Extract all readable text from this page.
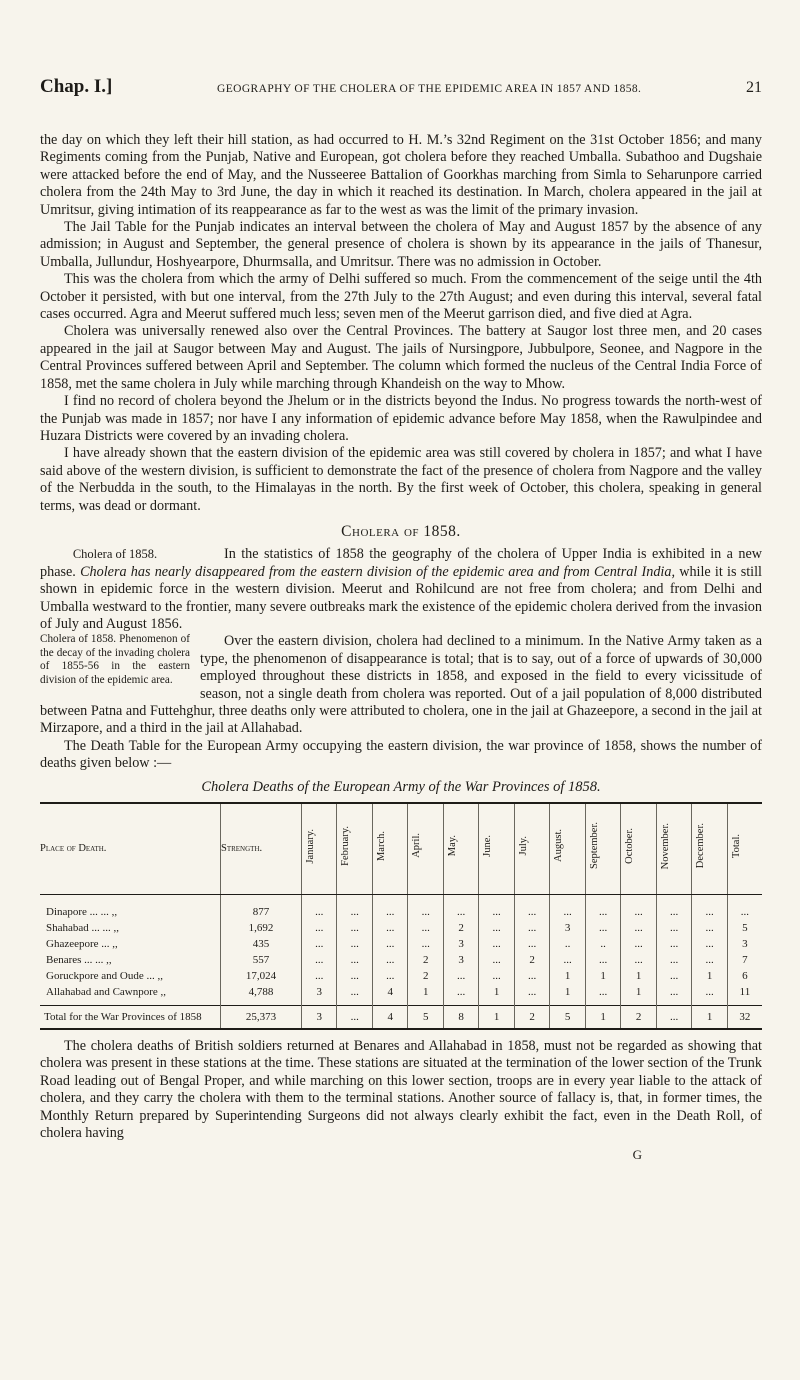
Chap. I.]	GEOGRAPHY OF THE CHOLERA OF THE EPIDEMIC AREA IN 1857 AND 1858.	21

the day on which they left their hill station, as had occurred to H. M.’s 32nd Regiment on the 31st October 1856; and many Regiments coming from the Punjab, Native and European, got cholera before they reached Umballa. Subathoo and Dugshaie were attacked before the end of May, and the Nusseeree Battalion of Goorkhas marching from Simla to Seharunpore carried cholera from the 24th May to 3rd June, the day in which it reached its destination. In March, cholera appeared in the jail at Umritsur, giving intimation of its reappearance as far to the west as was the limit of the primary invasion.

The Jail Table for the Punjab indicates an interval between the cholera of May and August 1857 by the absence of any admission; in August and September, the general presence of cholera is shown by its appearance in the jails of Thanesur, Umballa, Jullundur, Hoshyearpore, Dhurmsalla, and Umritsur. There was no admission in October.

This was the cholera from which the army of Delhi suffered so much. From the commencement of the seige until the 4th October it persisted, with but one interval, from the 27th July to the 27th August; and even during this interval, several fatal cases occurred. Agra and Meerut suffered much less; seven men of the Meerut garrison died, and five died at Agra.

Cholera was universally renewed also over the Central Provinces. The battery at Saugor lost three men, and 20 cases appeared in the jail at Saugor between May and August. The jails of Nursingpore, Jubbulpore, Seonee, and Nagpore in the Central Provinces suffered between April and September. The column which formed the nucleus of the Central India Force of 1858, met the same cholera in July while marching through Khandeish on the way to Mhow.

I find no record of cholera beyond the Jhelum or in the districts beyond the Indus. No progress towards the north-west of the Punjab was made in 1857; nor have I any information of epidemic advance before May 1858, when the Rawulpindee and Huzara Districts were covered by an invading cholera.

I have already shown that the eastern division of the epidemic area was still covered by cholera in 1857; and what I have said above of the western division, is sufficient to demonstrate the fact of the presence of cholera from Nagpore and the valley of the Nerbudda in the south, to the Himalayas in the north. By the first week of October, this cholera, speaking in general terms, was dead or dormant.

Cholera of 1858.

Cholera of 1858.	In the statistics of 1858 the geography of the cholera of Upper India is exhibited in a new phase. Cholera has nearly disappeared from the eastern division of the epidemic area and from Central India, while it is still shown in epidemic force in the western division. Meerut and Rohilcund are not free from cholera; and from Delhi and Umballa westward to the frontier, many severe outbreaks mark the existence of the epidemic cholera derived from the invasion of July and August 1856.

Cholera of 1858. Phenomenon of the decay of the invading cholera of 1855-56 in the eastern division of the epidemic area.
Over the eastern division, cholera had declined to a minimum. In the Native Army taken as a type, the phenomenon of disappearance is total; that is to say, out of a force of upwards of 30,000 employed throughout these districts in 1858, and exposed in the field to every vicissitude of season, not a single death from cholera was reported. Out of a jail population of 8,000 distributed between Patna and Futtehghur, three deaths only were attributed to cholera, one in the jail at Ghazeepore, a second in the jail at Mirzapore, and a third in the jail at Allahabad.

The Death Table for the European Army occupying the eastern division, the war province of 1858, shows the number of deaths given below :—

Cholera Deaths of the European Army of the War Provinces of 1858.
Place of Death.	Strength.	January.	February.	March.	April.	May.	June.	July.	August.	September.	October.	November.	December.	Total.
Dinapore ... ... ,,	877	...	...	...	...	...	...	...	...	...	...	...	...	...
Shahabad ... ... ,,	1,692	...	...	...	...	2	...	...	3	...	...	...	...	5
Ghazeepore ... ,,	435	...	...	...	...	3	...	...	..	..	...	...	...	3
Benares ... ... ,,	557	...	...	...	2	3	...	2	...	...	...	...	...	7
Goruckpore and Oude ... ,,	17,024	...	...	...	2	...	...	...	1	1	1	...	1	6
Allahabad and Cawnpore ,,	4,788	3	...	4	1	...	1	...	1	...	1	...	...	11
Total for the War Provinces of 1858	25,373	3	...	4	5	8	1	2	5	1	2	...	1	32

The cholera deaths of British soldiers returned at Benares and Allahabad in 1858, must not be regarded as showing that cholera was present in these stations at the time. These stations are situated at the termination of the lower section of the Trunk Road leading out of Bengal Proper, and while marching on this lower section, troops are in every year liable to the attack of cholera, and they carry the cholera with them to the terminal stations. Another source of fallacy is, that, in former times, the Monthly Return prepared by Superintending Surgeons did not always clearly exhibit the fact, even in the Death Roll, of cholera having

G
